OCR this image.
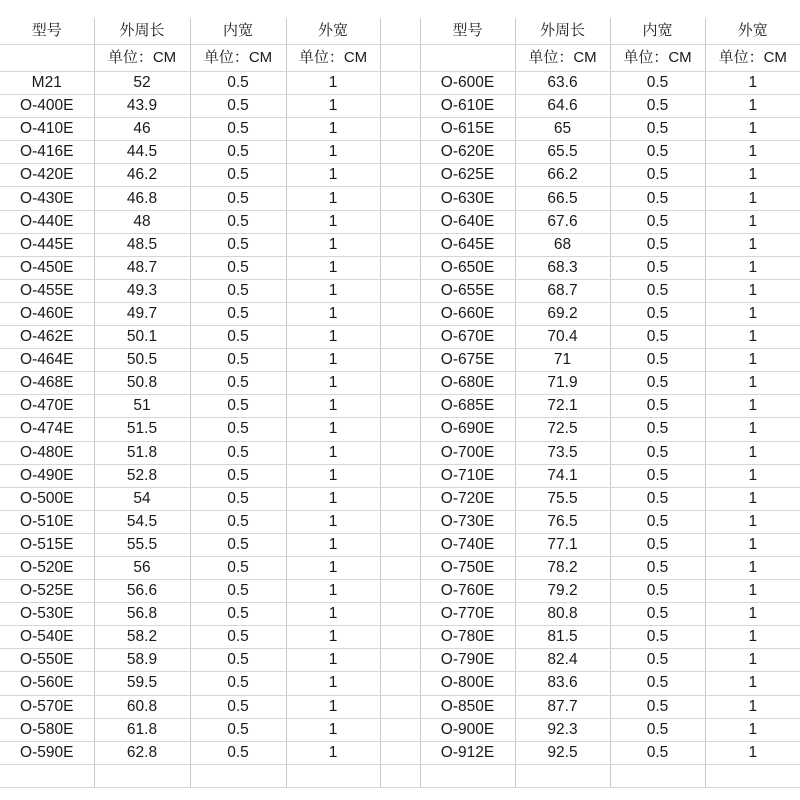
型号	外周长	内宽	外宽		型号	外周长	内宽	外宽
	单位：CM	单位：CM	单位：CM			单位：CM	单位：CM	单位：CM
M21	52	0.5	1		O-600E	63.6	0.5	1
O-400E	43.9	0.5	1		O-610E	64.6	0.5	1
O-410E	46	0.5	1		O-615E	65	0.5	1
O-416E	44.5	0.5	1		O-620E	65.5	0.5	1
O-420E	46.2	0.5	1		O-625E	66.2	0.5	1
O-430E	46.8	0.5	1		O-630E	66.5	0.5	1
O-440E	48	0.5	1		O-640E	67.6	0.5	1
O-445E	48.5	0.5	1		O-645E	68	0.5	1
O-450E	48.7	0.5	1		O-650E	68.3	0.5	1
O-455E	49.3	0.5	1		O-655E	68.7	0.5	1
O-460E	49.7	0.5	1		O-660E	69.2	0.5	1
O-462E	50.1	0.5	1		O-670E	70.4	0.5	1
O-464E	50.5	0.5	1		O-675E	71	0.5	1
O-468E	50.8	0.5	1		O-680E	71.9	0.5	1
O-470E	51	0.5	1		O-685E	72.1	0.5	1
O-474E	51.5	0.5	1		O-690E	72.5	0.5	1
O-480E	51.8	0.5	1		O-700E	73.5	0.5	1
O-490E	52.8	0.5	1		O-710E	74.1	0.5	1
O-500E	54	0.5	1		O-720E	75.5	0.5	1
O-510E	54.5	0.5	1		O-730E	76.5	0.5	1
O-515E	55.5	0.5	1		O-740E	77.1	0.5	1
O-520E	56	0.5	1		O-750E	78.2	0.5	1
O-525E	56.6	0.5	1		O-760E	79.2	0.5	1
O-530E	56.8	0.5	1		O-770E	80.8	0.5	1
O-540E	58.2	0.5	1		O-780E	81.5	0.5	1
O-550E	58.9	0.5	1		O-790E	82.4	0.5	1
O-560E	59.5	0.5	1		O-800E	83.6	0.5	1
O-570E	60.8	0.5	1		O-850E	87.7	0.5	1
O-580E	61.8	0.5	1		O-900E	92.3	0.5	1
O-590E	62.8	0.5	1		O-912E	92.5	0.5	1
